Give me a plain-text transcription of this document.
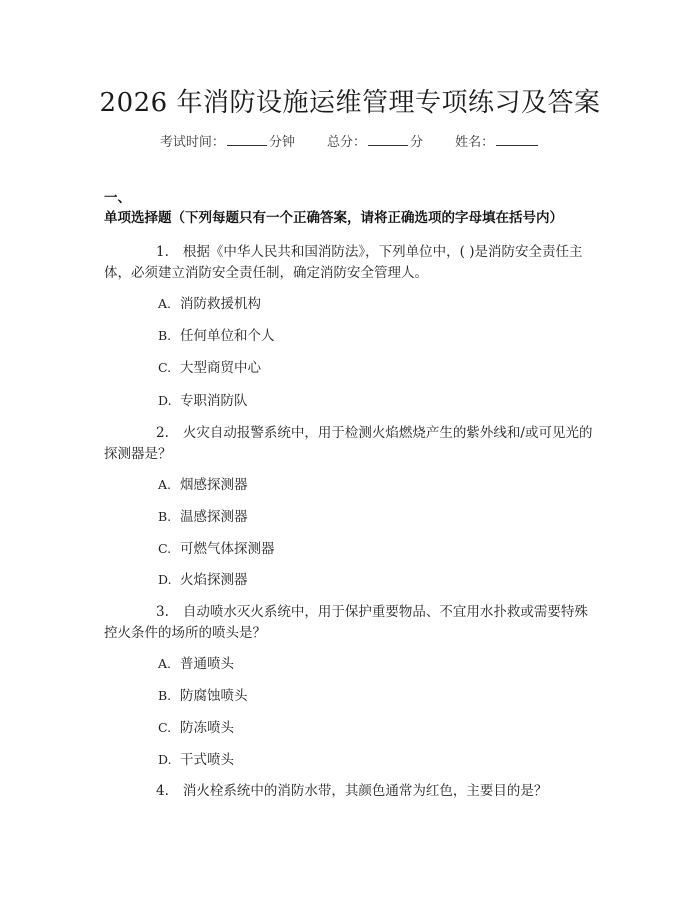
2026 年消防设施运维管理专项练习及答案
考试时间：	分钟 总分：	分 姓名：
一、单项选择题（下列每题只有一个正确答案，请将正确选项的字母填在括号内）
1. 根据《中华人民共和国消防法》，下列单位中，( )是消防安全责任主体，必须建立消防安全责任制，确定消防安全管理人。
A. 消防救援机构
B. 任何单位和个人
C. 大型商贸中心
D. 专职消防队
2. 火灾自动报警系统中，用于检测火焰燃烧产生的紫外线和/或可见光的探测器是？
A. 烟感探测器
B. 温感探测器
C. 可燃气体探测器
D. 火焰探测器
3. 自动喷水灭火系统中，用于保护重要物品、不宜用水扑救或需要特殊控火条件的场所的喷头是？
A. 普通喷头
B. 防腐蚀喷头
C. 防冻喷头
D. 干式喷头
4. 消火栓系统中的消防水带，其颜色通常为红色，主要目的是？
